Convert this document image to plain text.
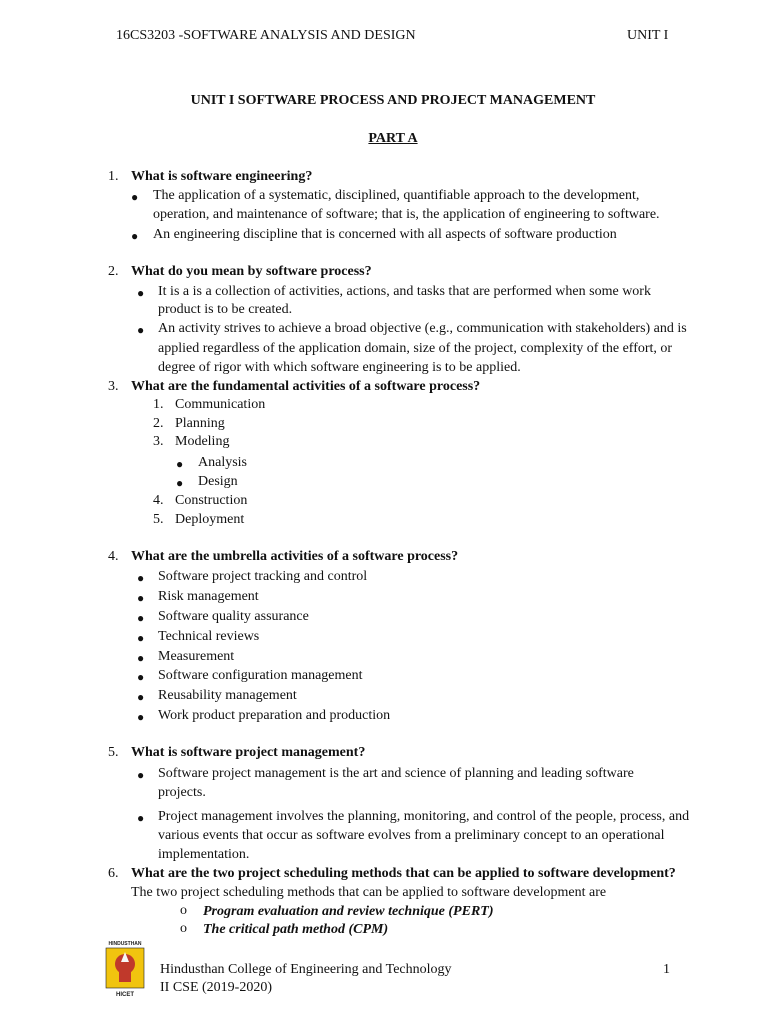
16CS3203 -SOFTWARE ANALYSIS AND DESIGN	UNIT I
UNIT I SOFTWARE PROCESS AND PROJECT MANAGEMENT
PART A
1. What is software engineering?
● The application of a systematic, disciplined, quantifiable approach to the development,
operation, and maintenance of software; that is, the application of engineering to software.
● An engineering discipline that is concerned with all aspects of software production
2. What do you mean by software process?
● It is a is a collection of activities, actions, and tasks that are performed when some work
product is to be created.
● An activity strives to achieve a broad objective (e.g., communication with stakeholders) and is
applied regardless of the application domain, size of the project, complexity of the effort, or
degree of rigor with which software engineering is to be applied.
3. What are the fundamental activities of a software process?
1. Communication
2. Planning
3. Modeling
● Analysis
● Design
4. Construction
5. Deployment
4. What are the umbrella activities of a software process?
● Software project tracking and control
● Risk management
● Software quality assurance
● Technical reviews
● Measurement
● Software configuration management
● Reusability management
● Work product preparation and production
5. What is software project management?
● Software project management is the art and science of planning and leading software
projects.
● Project management involves the planning, monitoring, and control of the people, process, and
various events that occur as software evolves from a preliminary concept to an operational
implementation.
6. What are the two project scheduling methods that can be applied to software development?
The two project scheduling methods that can be applied to software development are
o Program evaluation and review technique (PERT)
o The critical path method (CPM)
HINDUSTHAN
HICET
Hindusthan College of Engineering and Technology
II CSE (2019-2020)
1
